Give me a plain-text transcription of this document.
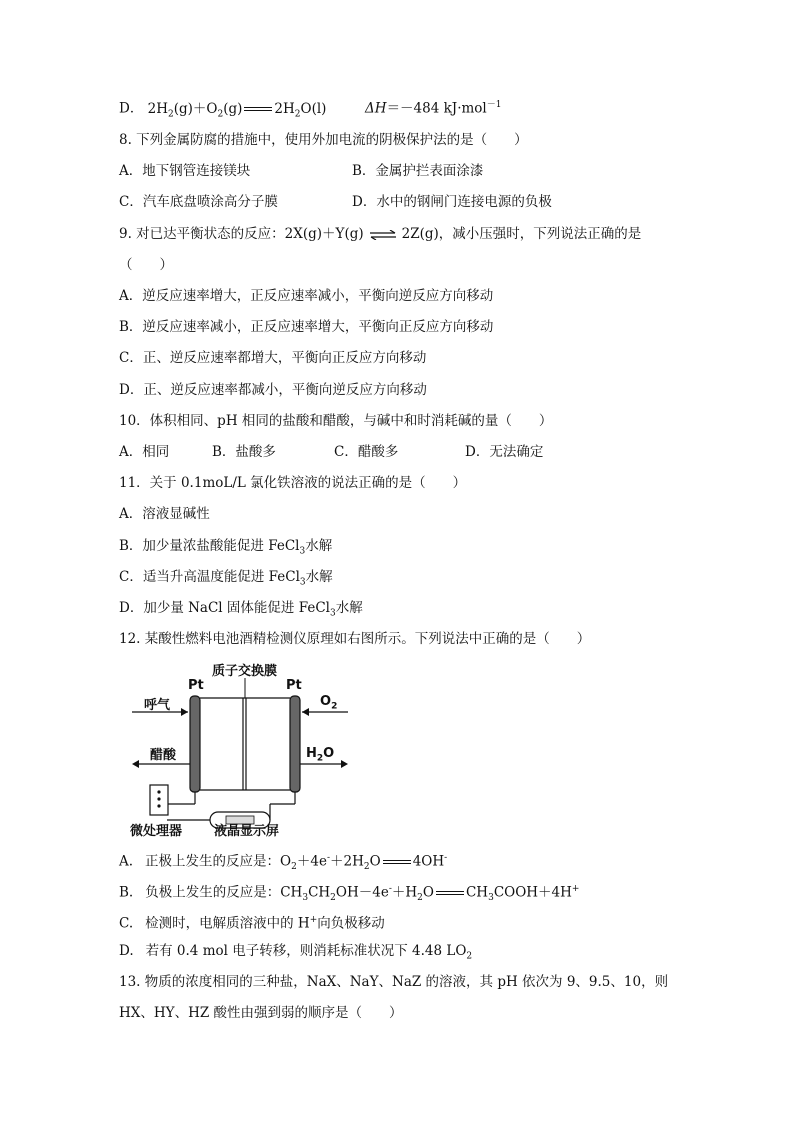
D． $2H_2(g)+O_2(g)$ $2H_2O(l)$	ΔH＝－484 kJ·mol$^{-1}$
8. 下列金属防腐的措施中，使用外加电流的阴极保护法的是（　　）
A．地下钢管连接镁块	B．金属护拦表面涂漆
C．汽车底盘喷涂高分子膜	D．水中的钢闸门连接电源的负极
9. 对已达平衡状态的反应：2X(g)＋Y(g) ⇌ 2Z(g)，减小压强时，下列说法正确的是
（　　）
A．逆反应速率增大，正反应速率减小，平衡向逆反应方向移动
B．逆反应速率减小，正反应速率增大，平衡向正反应方向移动
C．正、逆反应速率都增大，平衡向正反应方向移动
D．正、逆反应速率都减小，平衡向逆反应方向移动
10．体积相同、pH 相同的盐酸和醋酸，与碱中和时消耗碱的量（　　）
A．相同	B．盐酸多	C．醋酸多	D．无法确定
11．关于 0.1moL/L 氯化铁溶液的说法正确的是（　　）
A．溶液显碱性
B．加少量浓盐酸能促进 FeCl$_3$水解
C．适当升高温度能促进 FeCl$_3$水解
D．加少量 NaCl 固体能促进 FeCl$_3$水解
12. 某酸性燃料电池酒精检测仪原理如右图所示。下列说法中正确的是（　　）
质子交换膜
Pt	Pt
呼气
醋酸
$O_2$
$H_2O$
微处理器 液晶显示屏
A. 正极上发生的反应是：$O_2+4e^-+2H_2O$ 4OH-
B. 负极上发生的反应是：$CH_3CH_2OH-4e^-+H_2O$ $CH_3COOH+4H^+$
C. 检测时，电解质溶液中的 H+向负极移动
D. 若有 0.4 mol 电子转移，则消耗标准状况下 4.48 $LO_2$
13. 物质的浓度相同的三种盐，NaX、NaY、NaZ 的溶液，其 pH 依次为 9、9.5、10，则
HX、HY、HZ 酸性由强到弱的顺序是（　　）
